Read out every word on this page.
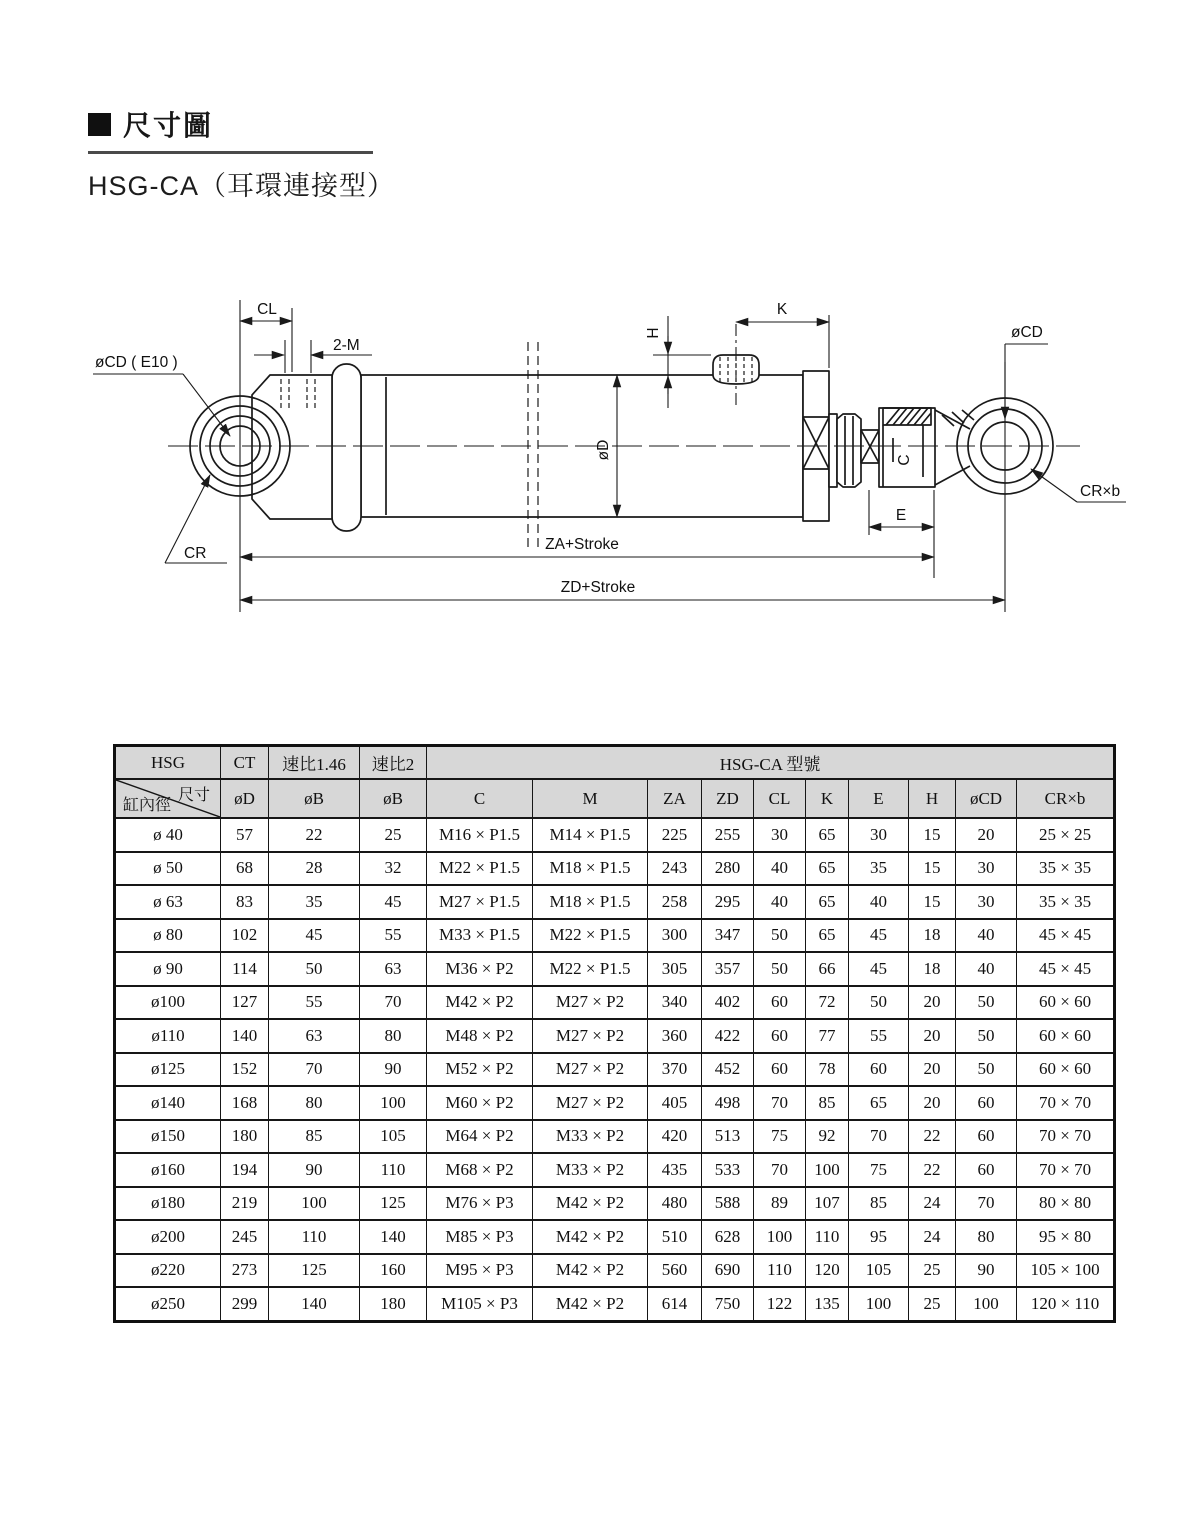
尺寸圖
HSG-CA（耳環連接型）
CL
2-M
øCD ( E10 )
CR
øD
H
K
øCD
C
CR×b
E
ZA+Stroke
ZD+Stroke
HSG	CT	速比1.46	速比2	HSG-CA 型號									

尺寸
缸內徑	øD	øB	øB	C	M	ZA	ZD	CL	K	E	H	øCD	CR×b
ø 40	57	22	25	M16 × P1.5	M14 × P1.5	225	255	30	65	30	15	20	25 × 25
ø 50	68	28	32	M22 × P1.5	M18 × P1.5	243	280	40	65	35	15	30	35 × 35
ø 63	83	35	45	M27 × P1.5	M18 × P1.5	258	295	40	65	40	15	30	35 × 35
ø 80	102	45	55	M33 × P1.5	M22 × P1.5	300	347	50	65	45	18	40	45 × 45
ø 90	114	50	63	M36 × P2	M22 × P1.5	305	357	50	66	45	18	40	45 × 45
ø100	127	55	70	M42 × P2	M27 × P2	340	402	60	72	50	20	50	60 × 60
ø110	140	63	80	M48 × P2	M27 × P2	360	422	60	77	55	20	50	60 × 60
ø125	152	70	90	M52 × P2	M27 × P2	370	452	60	78	60	20	50	60 × 60
ø140	168	80	100	M60 × P2	M27 × P2	405	498	70	85	65	20	60	70 × 70
ø150	180	85	105	M64 × P2	M33 × P2	420	513	75	92	70	22	60	70 × 70
ø160	194	90	110	M68 × P2	M33 × P2	435	533	70	100	75	22	60	70 × 70
ø180	219	100	125	M76 × P3	M42 × P2	480	588	89	107	85	24	70	80 × 80
ø200	245	110	140	M85 × P3	M42 × P2	510	628	100	110	95	24	80	95 × 80
ø220	273	125	160	M95 × P3	M42 × P2	560	690	110	120	105	25	90	105 × 100
ø250	299	140	180	M105 × P3	M42 × P2	614	750	122	135	100	25	100	120 × 110
